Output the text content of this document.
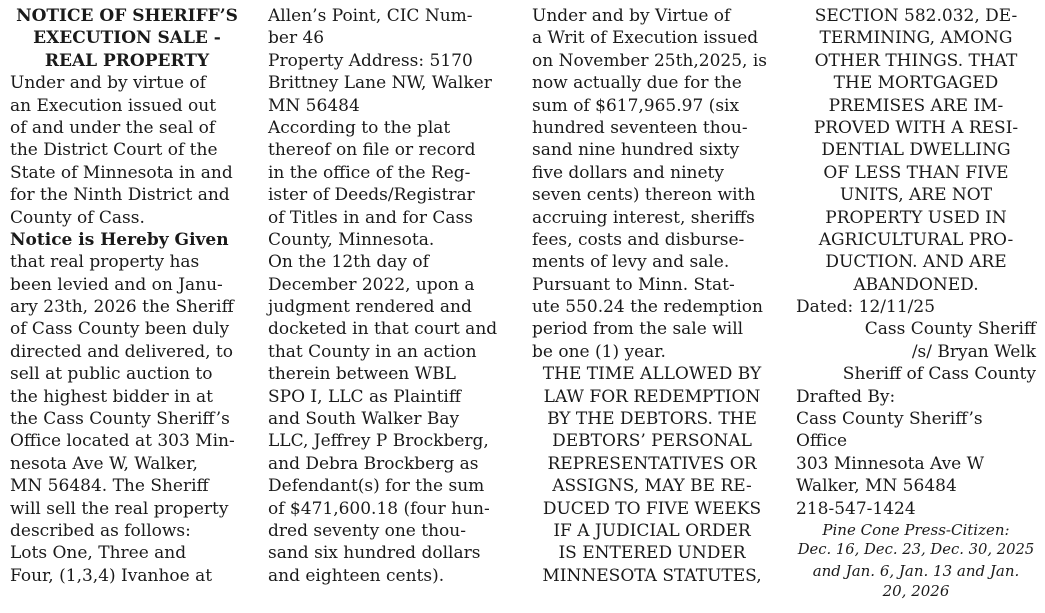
NOTICE OF SHERIFF’S
EXECUTION SALE -
REAL PROPERTY
Under and by virtue of
an Execution issued out
of and under the seal of
the District Court of the
State of Minnesota in and
for the Ninth District and
County of Cass.
Notice is Hereby Given
that real property has
been levied and on Janu-
ary 23th, 2026 the Sheriff
of Cass County been duly
directed and delivered, to
sell at public auction to
the highest bidder in at
the Cass County Sheriff’s
Office located at 303 Min-
nesota Ave W, Walker,
MN 56484. The Sheriff
will sell the real property
described as follows:
Lots One, Three and
Four, (1,3,4) Ivanhoe at
Allen’s Point, CIC Num-
ber 46
Property Address: 5170
Brittney Lane NW, Walker
MN 56484
According to the plat
thereof on file or record
in the office of the Reg-
ister of Deeds/Registrar
of Titles in and for Cass
County, Minnesota.
On the 12th day of
December 2022, upon a
judgment rendered and
docketed in that court and
that County in an action
therein between WBL
SPO I, LLC as Plaintiff
and South Walker Bay
LLC, Jeffrey P Brockberg,
and Debra Brockberg as
Defendant(s) for the sum
of $471,600.18 (four hun-
dred seventy one thou-
sand six hundred dollars
and eighteen cents).
Under and by Virtue of
a Writ of Execution issued
on November 25th,2025, is
now actually due for the
sum of $617,965.97 (six
hundred seventeen thou-
sand nine hundred sixty
five dollars and ninety
seven cents) thereon with
accruing interest, sheriffs
fees, costs and disburse-
ments of levy and sale.
Pursuant to Minn. Stat-
ute 550.24 the redemption
period from the sale will
be one (1) year.
THE TIME ALLOWED BY
LAW FOR REDEMPTION
BY THE DEBTORS. THE
DEBTORS’ PERSONAL
REPRESENTATIVES OR
ASSIGNS, MAY BE RE-
DUCED TO FIVE WEEKS
IF A JUDICIAL ORDER
IS ENTERED UNDER
MINNESOTA STATUTES,
SECTION 582.032, DE-
TERMINING, AMONG
OTHER THINGS. THAT
THE MORTGAGED
PREMISES ARE IM-
PROVED WITH A RESI-
DENTIAL DWELLING
OF LESS THAN FIVE
UNITS, ARE NOT
PROPERTY USED IN
AGRICULTURAL PRO-
DUCTION. AND ARE
ABANDONED.
Dated: 12/11/25
Cass County Sheriff
/s/ Bryan Welk
Sheriff of Cass County
Drafted By:
Cass County Sheriff’s
Office
303 Minnesota Ave W
Walker, MN 56484
218-547-1424
Pine Cone Press-Citizen:
Dec. 16, Dec. 23, Dec. 30, 2025
and Jan. 6, Jan. 13 and Jan.
20, 2026
